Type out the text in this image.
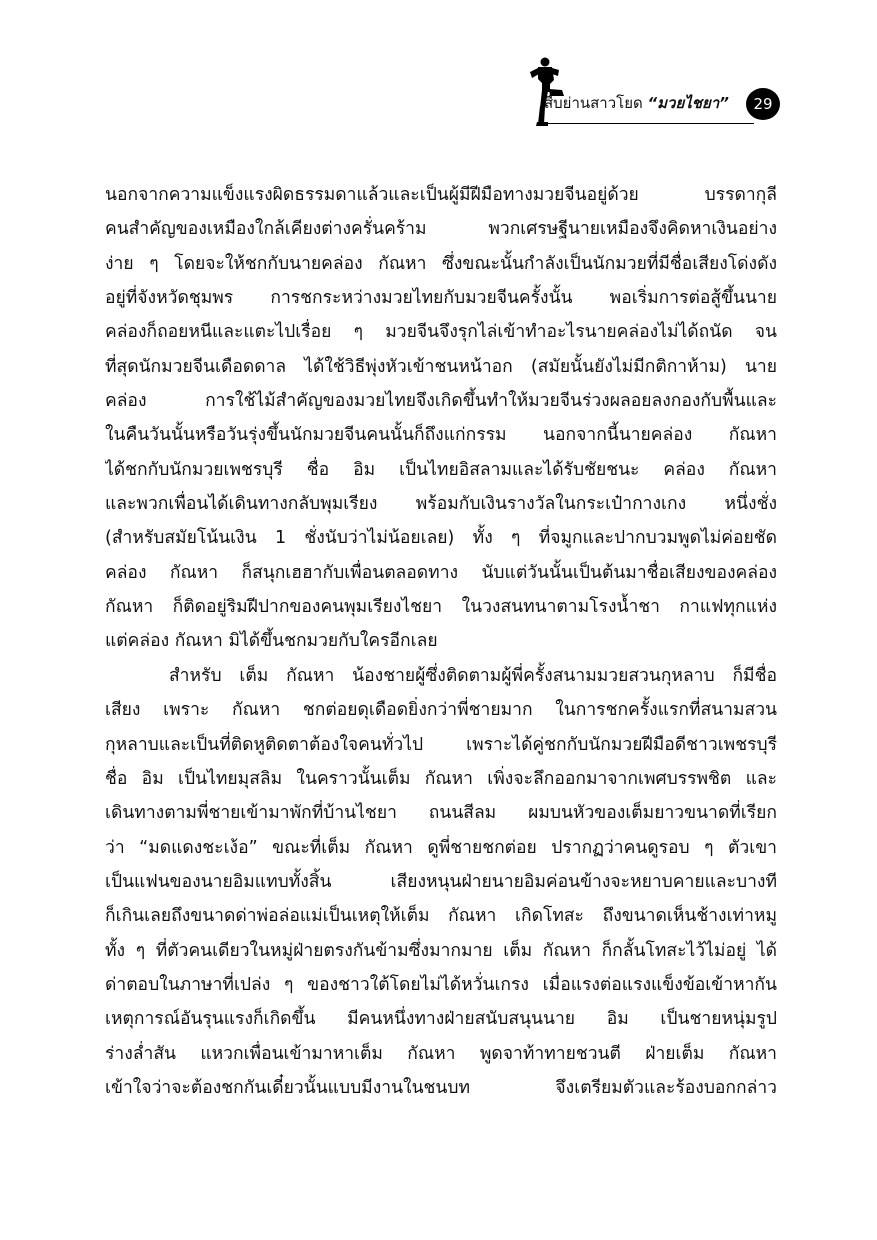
สืบย่านสาวโยด “มวยไชยา”	29
นอกจากความแข็งแรงผิดธรรมดาแล้วและเป็นผู้มีฝีมือทางมวยจีนอยู่ด้วย บรรดากุลี
คนสำคัญของเหมืองใกล้เคียงต่างครั่นคร้าม พวกเศรษฐีนายเหมืองจึงคิดหาเงินอย่าง
ง่าย ๆ โดยจะให้ชกกับนายคล่อง กัณหา ซึ่งขณะนั้นกำลังเป็นนักมวยที่มีชื่อเสียงโด่งดัง
อยู่ที่จังหวัดชุมพร การชกระหว่างมวยไทยกับมวยจีนครั้งนั้น พอเริ่มการต่อสู้ขึ้นนาย
คล่องก็ถอยหนีและแตะไปเรื่อย ๆ มวยจีนจึงรุกไล่เข้าทำอะไรนายคล่องไม่ได้ถนัด จน
ที่สุดนักมวยจีนเดือดดาล ได้ใช้วิธีพุ่งหัวเข้าชนหน้าอก (สมัยนั้นยังไม่มีกติกาห้าม) นาย
คล่อง การใช้ไม้สำคัญของมวยไทยจึงเกิดขึ้นทำให้มวยจีนร่วงผลอยลงกองกับพื้นและ
ในคืนวันนั้นหรือวันรุ่งขึ้นนักมวยจีนคนนั้นก็ถึงแก่กรรม นอกจากนี้นายคล่อง กัณหา
ได้ชกกับนักมวยเพชรบุรี ชื่อ อิม เป็นไทยอิสลามและได้รับชัยชนะ คล่อง กัณหา
และพวกเพื่อนได้เดินทางกลับพุมเรียง พร้อมกับเงินรางวัลในกระเป๋ากางเกง หนึ่งชั่ง
(สำหรับสมัยโน้นเงิน 1 ชั่งนับว่าไม่น้อยเลย) ทั้ง ๆ ที่จมูกและปากบวมพูดไม่ค่อยชัด
คล่อง กัณหา ก็สนุกเฮฮากับเพื่อนตลอดทาง นับแต่วันนั้นเป็นต้นมาชื่อเสียงของคล่อง
กัณหา ก็ติดอยู่ริมฝีปากของคนพุมเรียงไชยา ในวงสนทนาตามโรงน้ำชา กาแฟทุกแห่ง
แต่คล่อง กัณหา มิได้ขึ้นชกมวยกับใครอีกเลย
สำหรับ เต็ม กัณหา น้องชายผู้ซึ่งติดตามผู้พี่ครั้งสนามมวยสวนกุหลาบ ก็มีชื่อ
เสียง เพราะ กัณหา ชกต่อยดุเดือดยิ่งกว่าพี่ชายมาก ในการชกครั้งแรกที่สนามสวน
กุหลาบและเป็นที่ติดหูติดตาต้องใจคนทั่วไป เพราะได้คู่ชกกับนักมวยฝีมือดีชาวเพชรบุรี
ชื่อ อิม เป็นไทยมุสลิม ในคราวนั้นเต็ม กัณหา เพิ่งจะลึกออกมาจากเพศบรรพชิต และ
เดินทางตามพี่ชายเข้ามาพักที่บ้านไชยา ถนนสีลม ผมบนหัวของเต็มยาวขนาดที่เรียก
ว่า “มดแดงชะเง้อ” ขณะที่เต็ม กัณหา ดูพี่ชายชกต่อย ปรากฏว่าคนดูรอบ ๆ ตัวเขา
เป็นแฟนของนายอิมแทบทั้งสิ้น เสียงหนุนฝ่ายนายอิมค่อนข้างจะหยาบคายและบางที
ก็เกินเลยถึงขนาดด่าพ่อล่อแม่เป็นเหตุให้เต็ม กัณหา เกิดโทสะ ถึงขนาดเห็นช้างเท่าหมู
ทั้ง ๆ ที่ตัวคนเดียวในหมู่ฝ่ายตรงกันข้ามซึ่งมากมาย เต็ม กัณหา ก็กลั้นโทสะไว้ไม่อยู่ ได้
ด่าตอบในภาษาที่เปล่ง ๆ ของชาวใต้โดยไม่ได้หวั่นเกรง เมื่อแรงต่อแรงแข็งข้อเข้าหากัน
เหตุการณ์อันรุนแรงก็เกิดขึ้น มีคนหนึ่งทางฝ่ายสนับสนุนนาย อิม เป็นชายหนุ่มรูป
ร่างล่ำสัน แหวกเพื่อนเข้ามาหาเต็ม กัณหา พูดจาท้าทายชวนตี ฝ่ายเต็ม กัณหา
เข้าใจว่าจะต้องชกกันเดี๋ยวนั้นแบบมีงานในชนบท จึงเตรียมตัวและร้องบอกกล่าว
